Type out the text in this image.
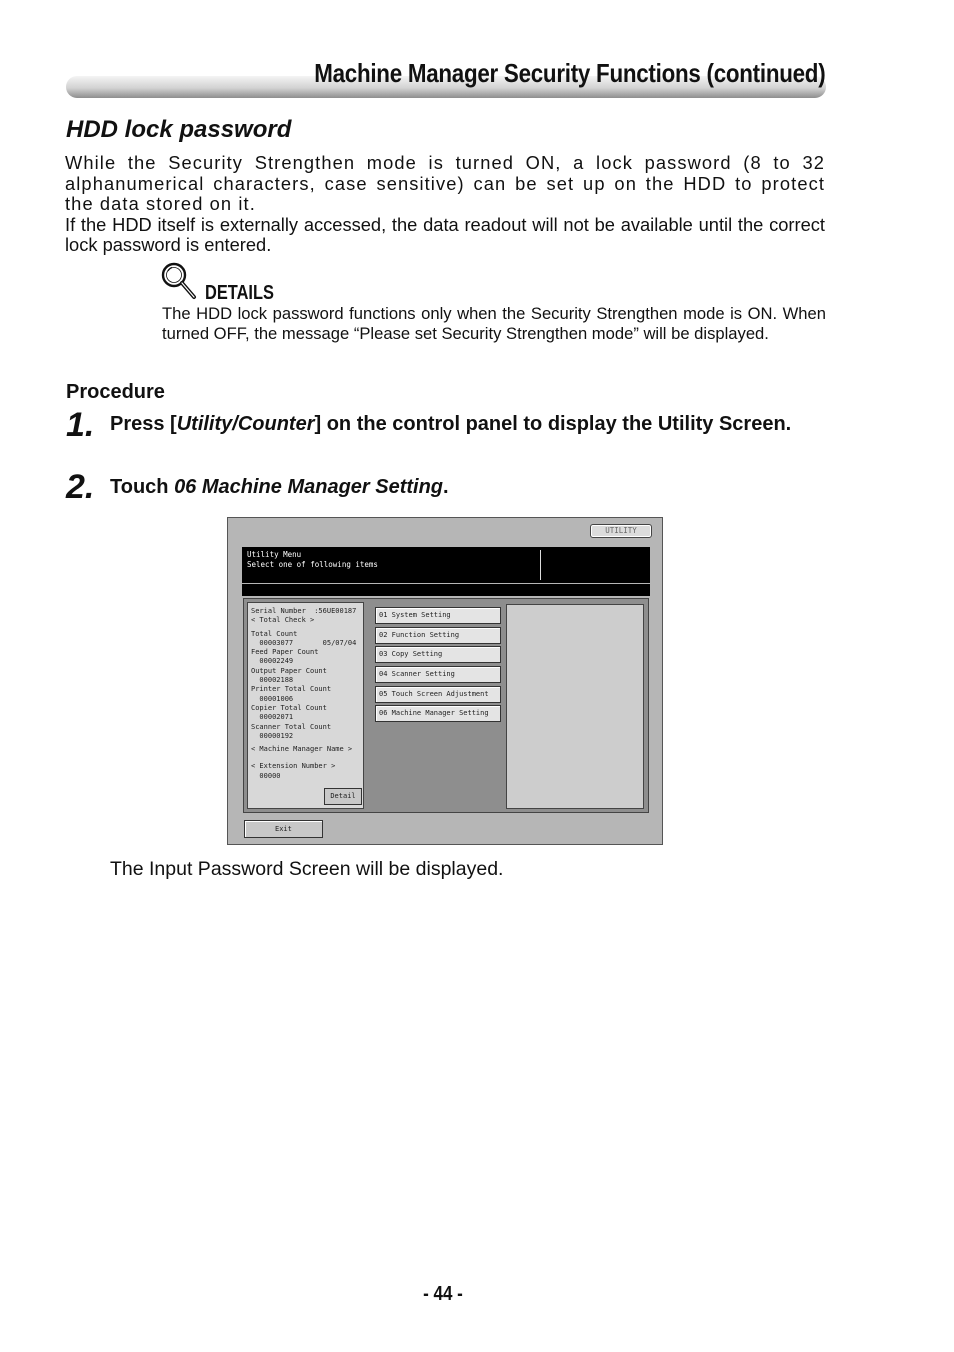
Machine Manager Security Functions (continued)
HDD lock password

While the Security Strengthen mode is turned ON, a lock password (8 to 32 alphanumerical characters, case sensitive) can be set up on the HDD to protect the data stored on it.

If the HDD itself is externally accessed, the data readout will not be available until the correct lock password is entered.

DETAILS
The HDD lock password functions only when the Security Strengthen mode is ON. When turned OFF, the message “Please set Security Strengthen mode” will be displayed.
Procedure
1. Press [Utility/Counter] on the control panel to display the Utility Screen.
2. Touch 06 Machine Manager Setting.
UTILITY
Utility Menu
Select one of following items
Serial Number  :56UE00187
< Total Check >
Total Count
00003077       05/07/04
Feed Paper Count
00002249
Output Paper Count
00002188
Printer Total Count
00001006
Copier Total Count
00002071
Scanner Total Count
00000192
< Machine Manager Name >
< Extension Number >
00000
Detail
01 System Setting
02 Function Setting
03 Copy Setting
04 Scanner Setting
05 Touch Screen Adjustment
06 Machine Manager Setting
Exit
The Input Password Screen will be displayed.
- 44 -
